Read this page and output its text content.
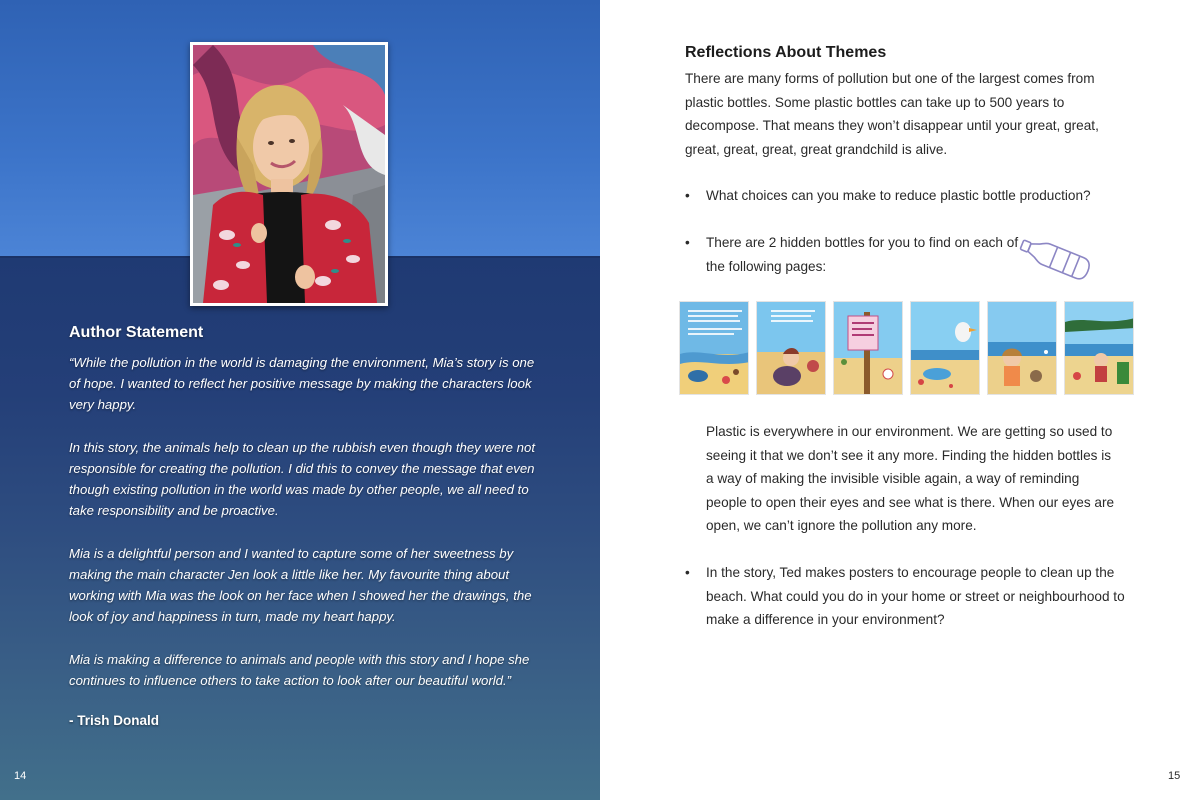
Author Statement

“While the pollution in the world is damaging the environment, Mia’s story is one of hope. I wanted to reflect her positive message by making the characters look very happy.

In this story, the animals help to clean up the rubbish even though they were not responsible for creating the pollution. I did this to convey the message that even though existing pollution in the world was made by other people, we all need to take responsibility and be proactive.

Mia is a delightful person and I wanted to capture some of her sweetness by making the main character Jen look a little like her. My favourite thing about working with Mia was the look on her face when I showed her the drawings, the look of joy and happiness in turn, made my heart happy.

Mia is making a difference to animals and people with this story and I hope she continues to influence others to take action to look after our beautiful world.”

- Trish Donald
14
Reflections About Themes
There are many forms of pollution but one of the largest comes from plastic bottles. Some plastic bottles can take up to 500 years to decompose. That means they won’t disappear until your great, great, great, great, great, great grandchild is alive.
•	What choices can you make to reduce plastic bottle production?
•	There are 2 hidden bottles for you to find on each of the following pages:
Plastic is everywhere in our environment. We are getting so used to seeing it that we don’t see it any more. Finding the hidden bottles is a way of making the invisible visible again, a way of reminding people to open their eyes and see what is there. When our eyes are open, we can’t ignore the pollution any more.
•	In the story, Ted makes posters to encourage people to clean up the beach. What could you do in your home or street or neighbourhood to make a difference in your environment?
15
